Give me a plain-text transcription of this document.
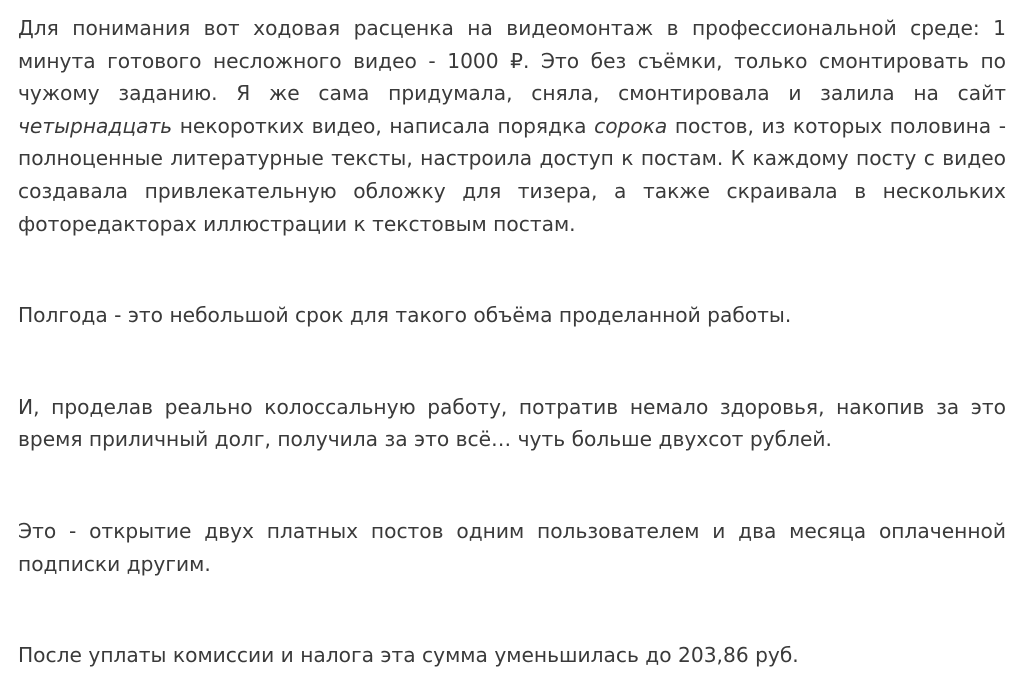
Для понимания вот ходовая расценка на видеомонтаж в профессиональной среде: 1 минута готового несложного видео - 1000 ₽. Это без съёмки, только смонтировать по чужому заданию. Я же сама придумала, сняла, смонтировала и залила на сайт четырнадцать некоротких видео, написала порядка сорока постов, из которых половина - полноценные литературные тексты, настроила доступ к постам. К каждому посту с видео создавала привлекательную обложку для тизера, а также скраивала в нескольких фоторедакторах иллюстрации к текстовым постам.

Полгода - это небольшой срок для такого объёма проделанной работы.

И, проделав реально колоссальную работу, потратив немало здоровья, накопив за это время приличный долг, получила за это всё… чуть больше двухсот рублей.

Это - открытие двух платных постов одним пользователем и два месяца оплаченной подписки другим.

После уплаты комиссии и налога эта сумма уменьшилась до 203,86 руб.
